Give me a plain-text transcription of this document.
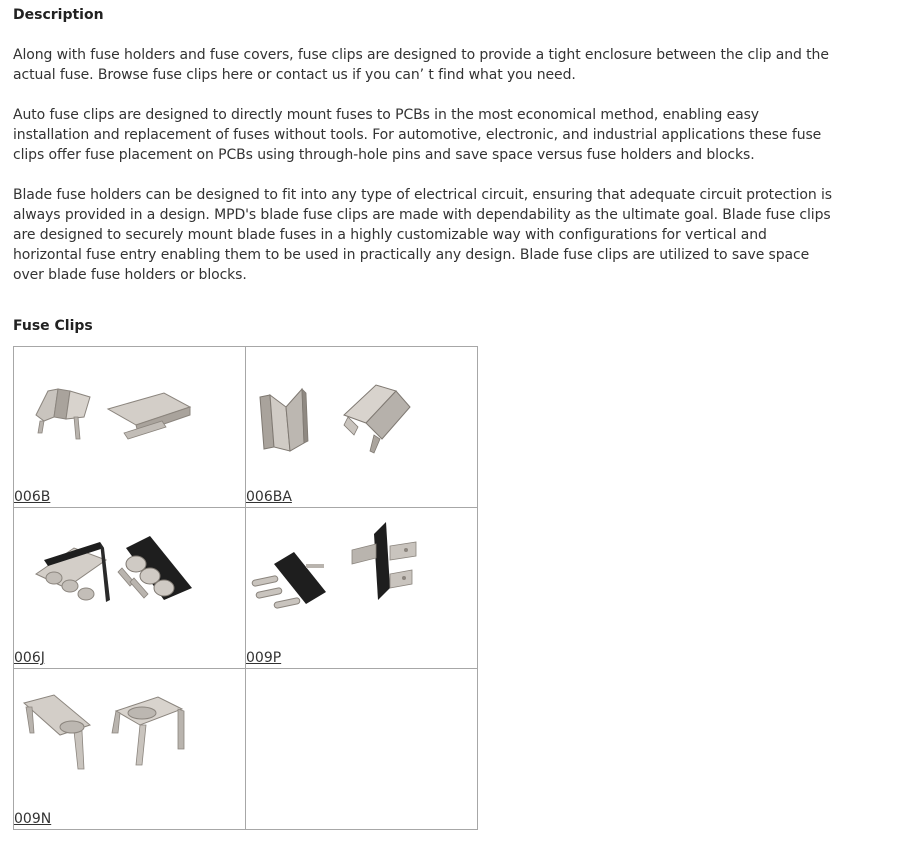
Description

Along with fuse holders and fuse covers, fuse clips are designed to provide a tight enclosure between the clip and the actual fuse. Browse fuse clips here or contact us if you can’ t find what you need.

Auto fuse clips are designed to directly mount fuses to PCBs in the most economical method, enabling easy installation and replacement of fuses without tools. For automotive, electronic, and industrial applications these fuse clips offer fuse placement on PCBs using through-hole pins and save space versus fuse holders and blocks.

Blade fuse holders can be designed to fit into any type of electrical circuit, ensuring that adequate circuit protection is always provided in a design. MPD's blade fuse clips are made with dependability as the ultimate goal. Blade fuse clips are designed to securely mount blade fuses in a highly customizable way with configurations for vertical and horizontal fuse entry enabling them to be used in practically any design. Blade fuse clips are utilized to save space over blade fuse holders or blocks.

Fuse Clips
006B	006BA

006J	009P

009N	
